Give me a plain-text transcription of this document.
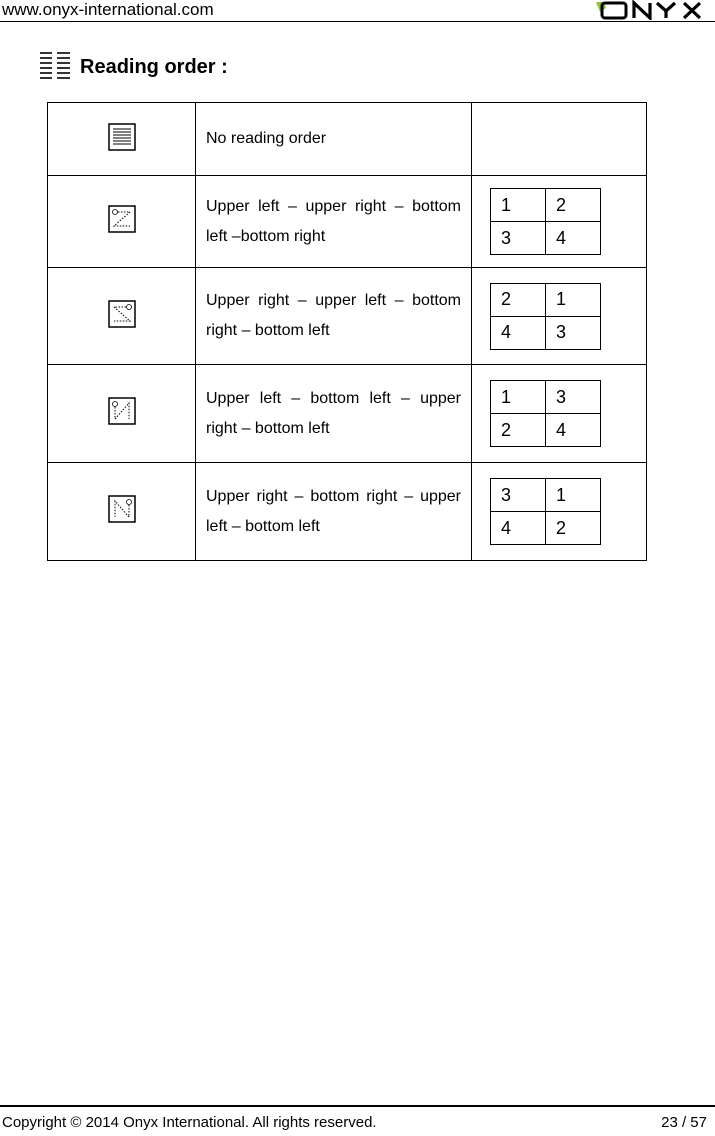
www.onyx-international.com
Reading order :

No reading order

Upper left – upper right – bottom left –bottom right

1	2
3	4

Upper right – upper left – bottom right – bottom left

2	1
4	3

Upper left – bottom left – upper right – bottom left

1	3
2	4

Upper right – bottom right – upper left – bottom left

3	1
4	2
Copyright © 2014 Onyx International. All rights reserved.	23 / 57
